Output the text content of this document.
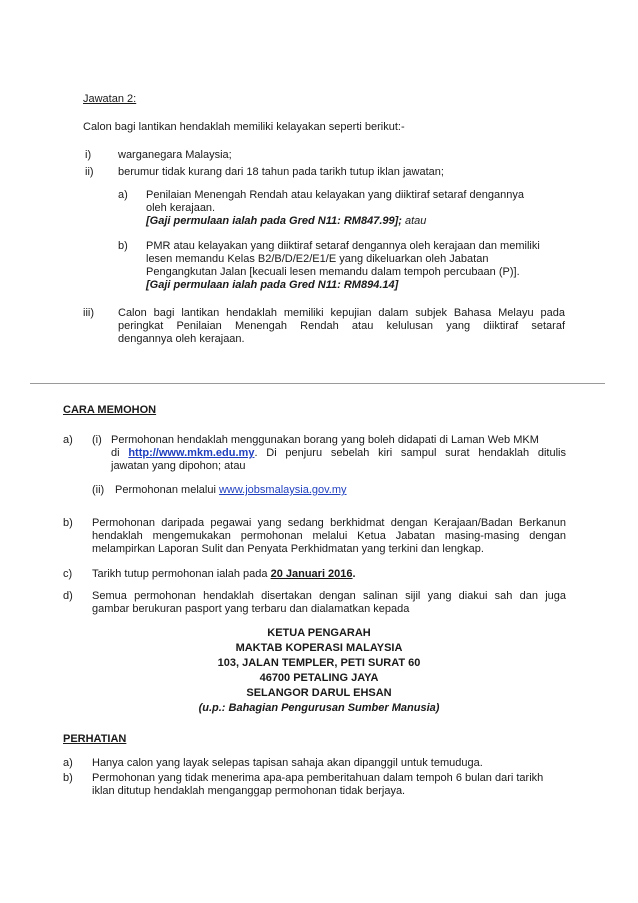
Jawatan 2:
Calon bagi lantikan hendaklah memiliki kelayakan seperti berikut:-
i) warganegara Malaysia;
ii) berumur tidak kurang dari 18 tahun pada tarikh tutup iklan jawatan;
a) Penilaian Menengah Rendah atau kelayakan yang diiktiraf setaraf dengannya
oleh kerajaan.
[Gaji permulaan ialah pada Gred N11: RM847.99]; atau
b) PMR atau kelayakan yang diiktiraf setaraf dengannya oleh kerajaan dan memiliki
lesen memandu Kelas B2/B/D/E2/E1/E yang dikeluarkan oleh Jabatan
Pengangkutan Jalan [kecuali lesen memandu dalam tempoh percubaan (P)].
[Gaji permulaan ialah pada Gred N11: RM894.14]
iii) Calon bagi lantikan hendaklah memiliki kepujian dalam subjek Bahasa Melayu pada
peringkat Penilaian Menengah Rendah atau kelulusan yang diiktiraf setaraf
dengannya oleh kerajaan.
CARA MEMOHON
a) (i) Permohonan hendaklah menggunakan borang yang boleh didapati di Laman Web MKM
di http://www.mkm.edu.my. Di penjuru sebelah kiri sampul surat hendaklah ditulis
jawatan yang dipohon; atau
(ii) Permohonan melalui www.jobsmalaysia.gov.my
b) Permohonan daripada pegawai yang sedang berkhidmat dengan Kerajaan/Badan Berkanun
hendaklah mengemukakan permohonan melalui Ketua Jabatan masing-masing dengan
melampirkan Laporan Sulit dan Penyata Perkhidmatan yang terkini dan lengkap.
c) Tarikh tutup permohonan ialah pada 20 Januari 2016.
d) Semua permohonan hendaklah disertakan dengan salinan sijil yang diakui sah dan juga
gambar berukuran pasport yang terbaru dan dialamatkan kepada
KETUA PENGARAH
MAKTAB KOPERASI MALAYSIA
103, JALAN TEMPLER, PETI SURAT 60
46700 PETALING JAYA
SELANGOR DARUL EHSAN
(u.p.: Bahagian Pengurusan Sumber Manusia)
PERHATIAN
a) Hanya calon yang layak selepas tapisan sahaja akan dipanggil untuk temuduga.
b) Permohonan yang tidak menerima apa-apa pemberitahuan dalam tempoh 6 bulan dari tarikh
iklan ditutup hendaklah menganggap permohonan tidak berjaya.
